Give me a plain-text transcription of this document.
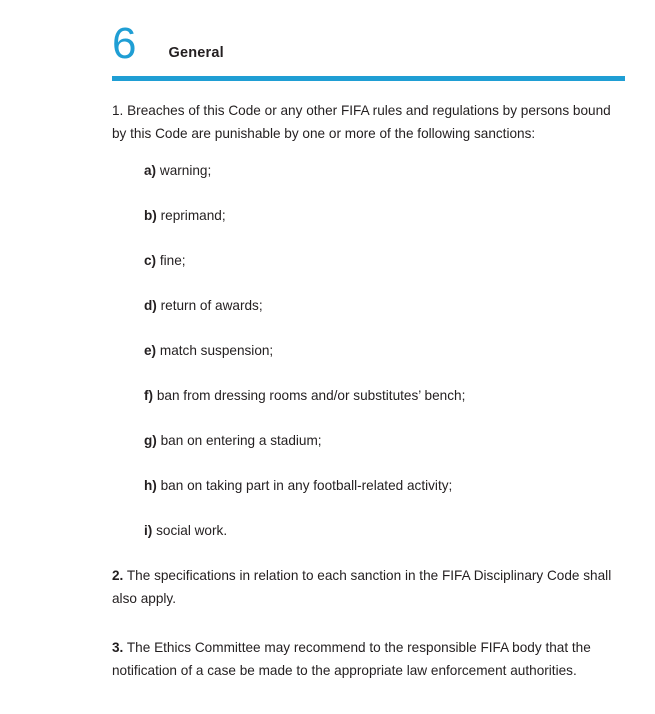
6 General

1. Breaches of this Code or any other FIFA rules and regulations by persons bound by this Code are punishable by one or more of the following sanctions:

a) warning;
b) reprimand;
c) fine;
d) return of awards;
e) match suspension;
f) ban from dressing rooms and/or substitutes’ bench;
g) ban on entering a stadium;
h) ban on taking part in any football-related activity;
i) social work.

2. The specifications in relation to each sanction in the FIFA Disciplinary Code shall also apply.

3. The Ethics Committee may recommend to the responsible FIFA body that the notification of a case be made to the appropriate law enforcement authorities.
